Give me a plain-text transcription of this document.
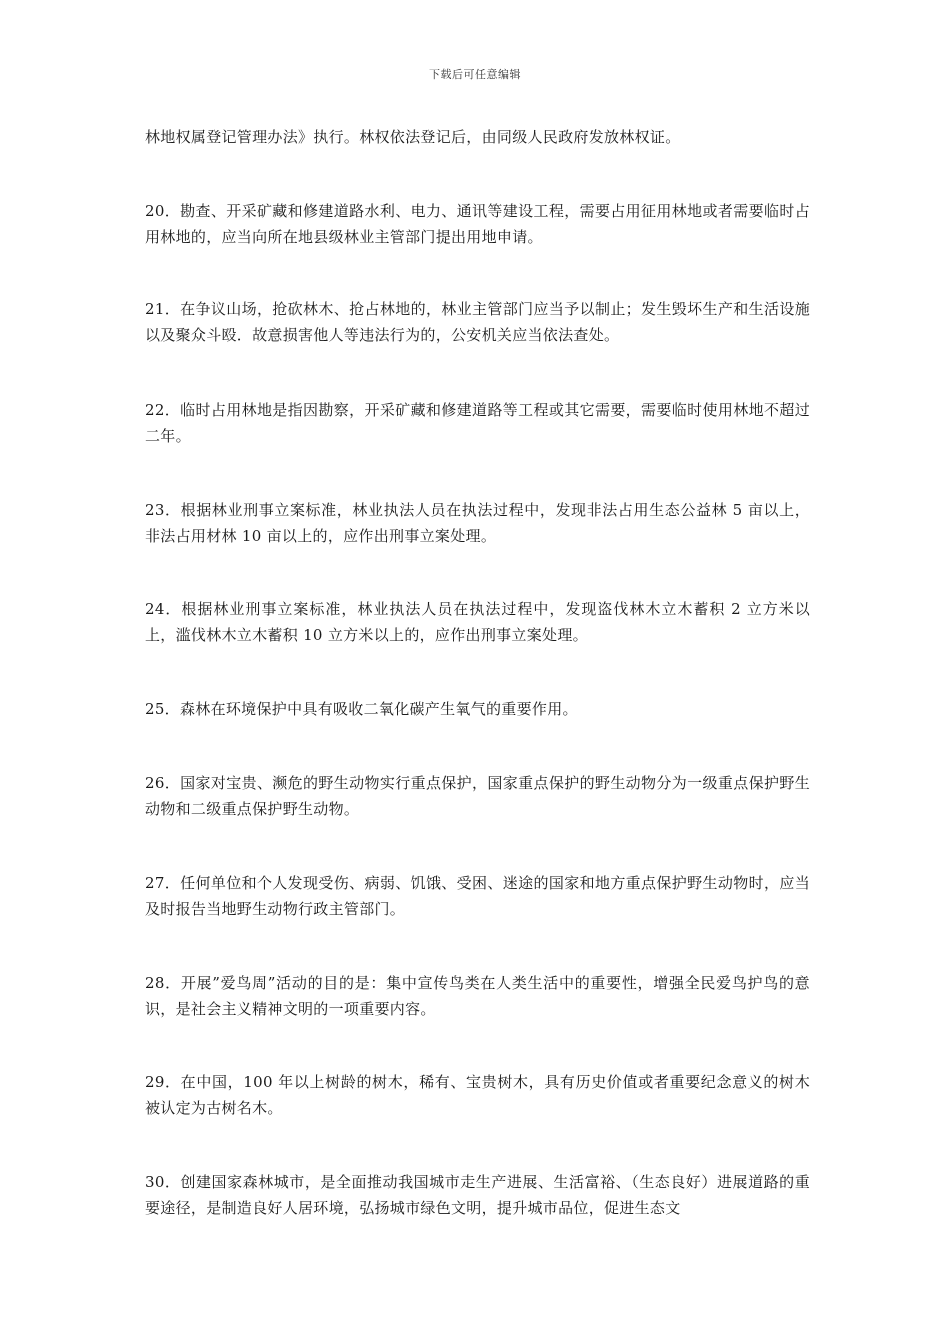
下载后可任意编辑
林地权属登记管理办法》执行。林权依法登记后，由同级人民政府发放林权证。
20．勘查、开采矿藏和修建道路水利、电力、通讯等建设工程，需要占用征用林地或者需要临时占用林地的，应当向所在地县级林业主管部门提出用地申请。
21．在争议山场，抢砍林木、抢占林地的，林业主管部门应当予以制止；发生毁坏生产和生活设施以及聚众斗殴．故意损害他人等违法行为的，公安机关应当依法查处。
22．临时占用林地是指因勘察，开采矿藏和修建道路等工程或其它需要，需要临时使用林地不超过二年。
23．根据林业刑事立案标准，林业执法人员在执法过程中，发现非法占用生态公益林 5 亩以上，非法占用材林 10 亩以上的，应作出刑事立案处理。
24．根据林业刑事立案标准，林业执法人员在执法过程中，发现盗伐林木立木蓄积 2 立方米以上，滥伐林木立木蓄积 10 立方米以上的，应作出刑事立案处理。
25．森林在环境保护中具有吸收二氧化碳产生氧气的重要作用。
26．国家对宝贵、濒危的野生动物实行重点保护，国家重点保护的野生动物分为一级重点保护野生动物和二级重点保护野生动物。
27．任何单位和个人发现受伤、病弱、饥饿、受困、迷途的国家和地方重点保护野生动物时，应当及时报告当地野生动物行政主管部门。
28．开展”爱鸟周”活动的目的是：集中宣传鸟类在人类生活中的重要性，增强全民爱鸟护鸟的意识，是社会主义精神文明的一项重要内容。
29．在中国，100 年以上树龄的树木，稀有、宝贵树木，具有历史价值或者重要纪念意义的树木被认定为古树名木。
30．创建国家森林城市，是全面推动我国城市走生产进展、生活富裕、（生态良好）进展道路的重要途径，是制造良好人居环境，弘扬城市绿色文明，提升城市品位，促进生态文
